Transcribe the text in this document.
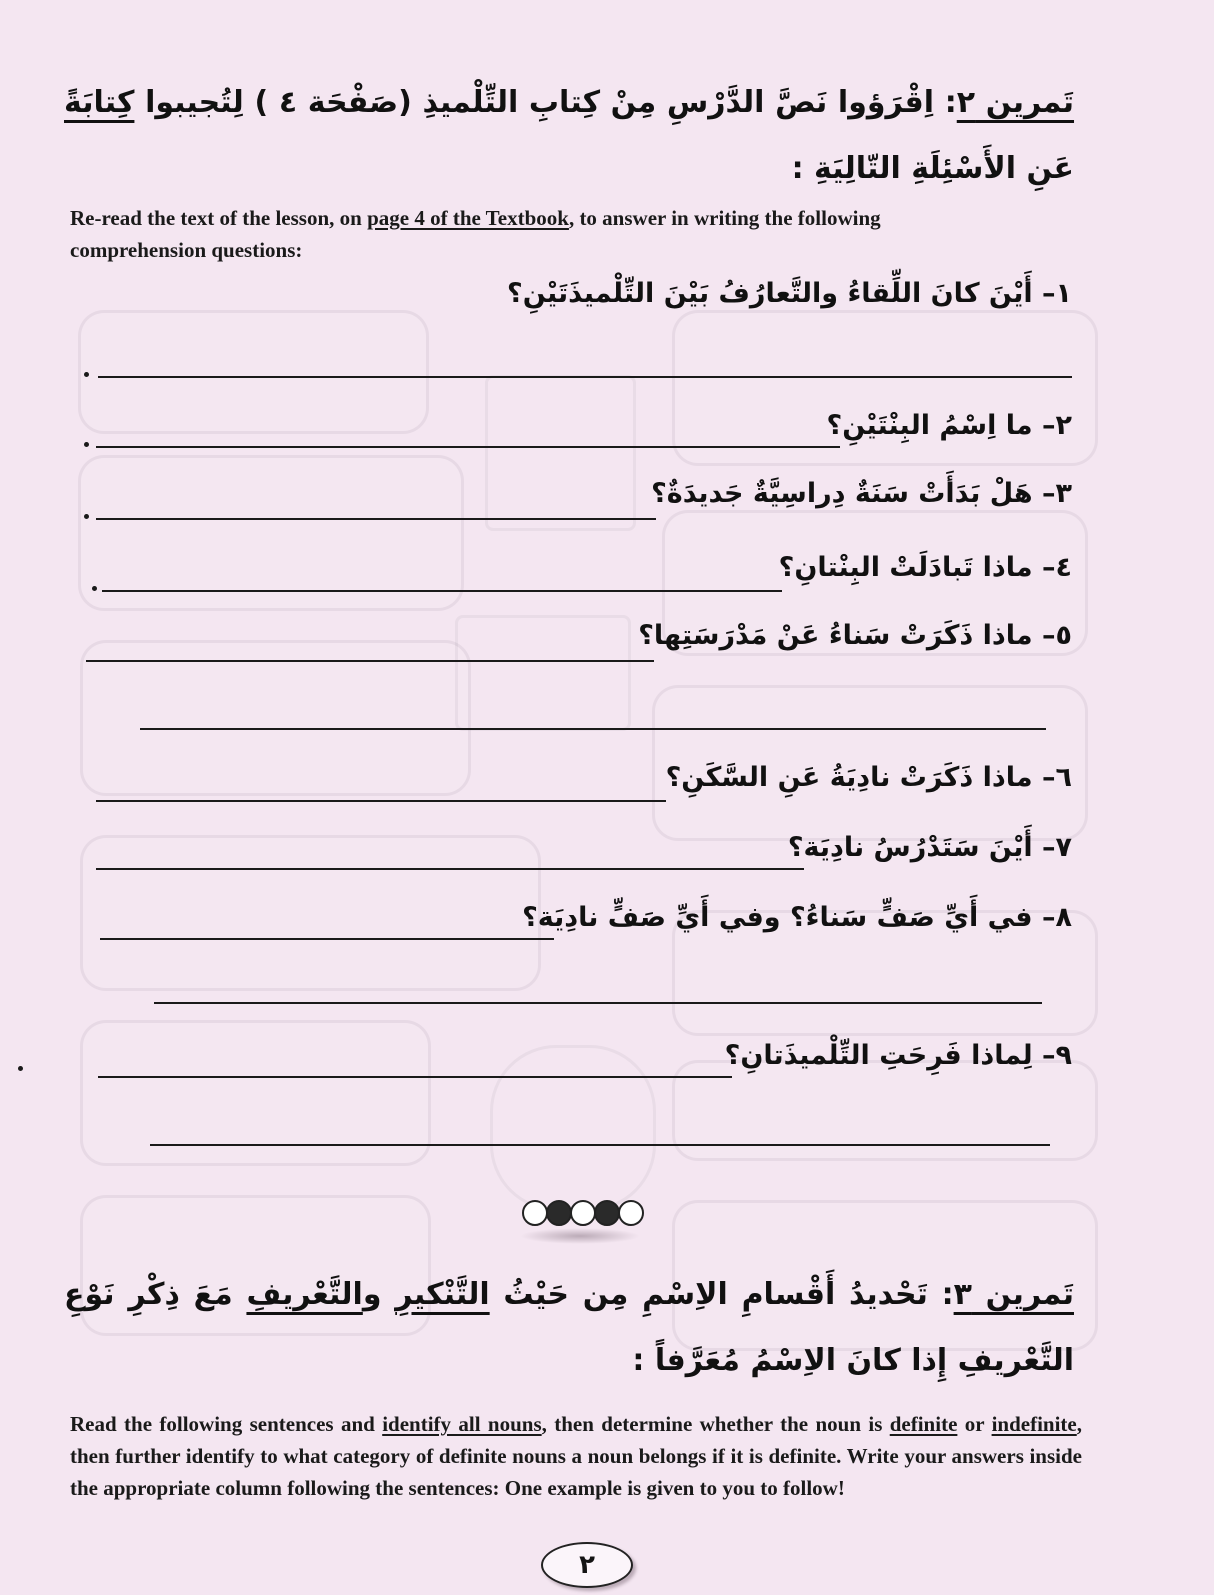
تَمرين ٢: اِقْرَؤوا نَصَّ الدَّرْسِ مِنْ كِتابِ التِّلْميذِ (صَفْحَة ٤ ) لِتُجيبوا كِتابَةً عَنِ الأَسْئِلَةِ التّالِيَةِ :
Re-read the text of the lesson, on page 4 of the Textbook, to answer in writing the following comprehension questions:
١– أَيْنَ كانَ اللِّقاءُ والتَّعارُفُ بَيْنَ التِّلْميذَتَيْنِ؟
٢– ما اِسْمُ البِنْتَيْنِ؟
٣– هَلْ بَدَأَتْ سَنَةٌ دِراسِيَّةٌ جَديدَةٌ؟
٤– ماذا تَبادَلَتْ البِنْتانِ؟
٥– ماذا ذَكَرَتْ سَناءُ عَنْ مَدْرَسَتِها؟
٦– ماذا ذَكَرَتْ نادِيَةُ عَنِ السَّكَنِ؟
٧– أَيْنَ سَتَدْرُسُ نادِيَة؟
٨– في أَيِّ صَفٍّ سَناءُ؟ وفي أَيِّ صَفٍّ نادِيَة؟
٩– لِماذا فَرِحَتِ التِّلْميذَتانِ؟
تَمرين ٣: تَحْديدُ أَقْسامِ الاِسْمِ مِن حَيْثُ التَّنْكيرِ والتَّعْريفِ مَعَ ذِكْرِ نَوْعِ التَّعْريفِ إِذا كانَ الاِسْمُ مُعَرَّفاً :
Read the following sentences and identify all nouns, then determine whether the noun is definite or indefinite, then further identify to what category of definite nouns a noun belongs if it is definite. Write your answers inside the appropriate column following the sentences: One example is given to you to follow!
٢
